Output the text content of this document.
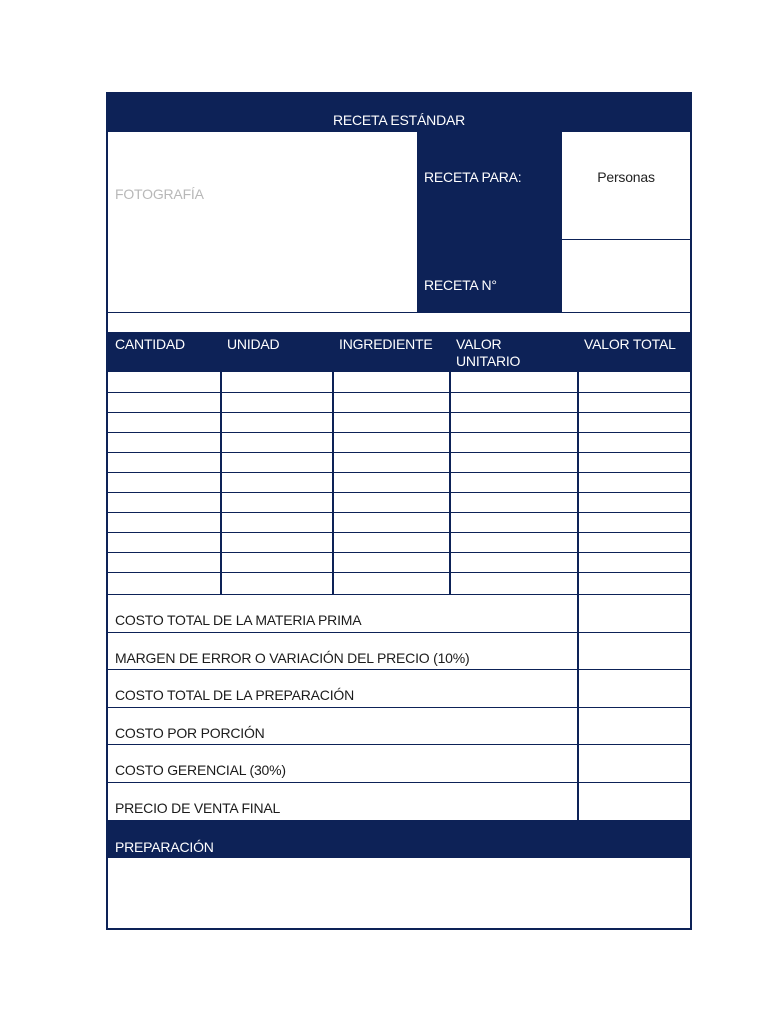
RECETA ESTÁNDAR
FOTOGRAFÍA
RECETA PARA:
RECETA N°
Personas
CANTIDAD	UNIDAD	INGREDIENTE VALOR
UNITARIO
VALOR TOTAL
COSTO TOTAL DE LA MATERIA PRIMA
MARGEN DE ERROR O VARIACIÓN DEL PRECIO (10%)
COSTO TOTAL DE LA PREPARACIÓN
COSTO POR PORCIÓN
COSTO GERENCIAL (30%)
PRECIO DE VENTA FINAL
PREPARACIÓN
